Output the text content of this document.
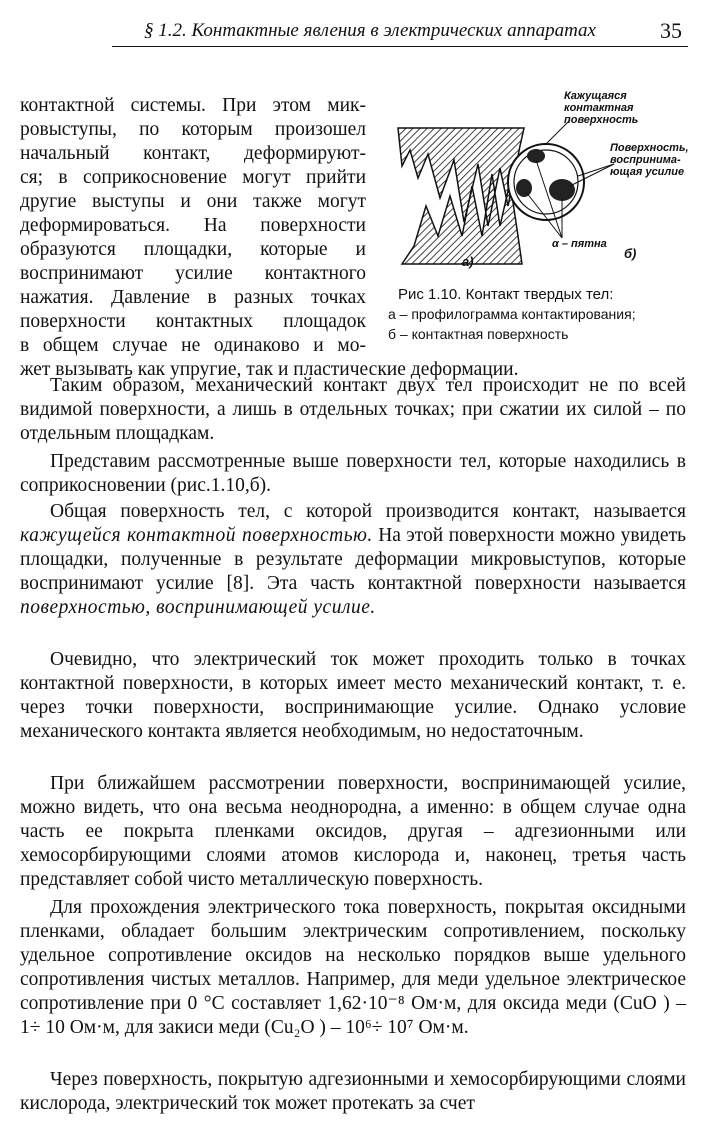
§ 1.2. Контактные явления в электрических аппаратах	35
контактной системы. При этом мик-
ровыступы, по которым произошел
начальный контакт, деформируют-
ся; в соприкосновение могут прийти
другие выступы и они также могут
деформироваться. На поверхности
образуются площадки, которые и
воспринимают усилие контактного
нажатия. Давление в разных точках
поверхности контактных площадок
в общем случае не одинаково и мо-
жет вызывать как упругие, так и пластические деформации.
Кажущаяся контактная поверхность
Поверхность, воспринима- ющая усилие
α – пятна
а)
б)
Рис 1.10. Контакт твердых тел:
а – профилограмма контактирования;
б – контактная поверхность

Таким образом, механический контакт двух тел происходит не по всей видимой поверхности, а лишь в отдельных точках; при сжатии их силой – по отдельным площадкам.

Представим рассмотренные выше поверхности тел, которые находились в соприкосновении (рис.1.10,б).

Общая поверхность тел, с которой производится контакт, называется кажущейся контактной поверхностью. На этой поверхности можно увидеть площадки, полученные в результате деформации микровыступов, которые воспринимают усилие [8]. Эта часть контактной поверхности называется поверхностью, воспринимающей усилие.

Очевидно, что электрический ток может проходить только в точках контактной поверхности, в которых имеет место механический контакт, т. е. через точки поверхности, воспринимающие усилие. Однако условие механического контакта является необходимым, но недостаточным.

При ближайшем рассмотрении поверхности, воспринимающей усилие, можно видеть, что она весьма неоднородна, а именно: в общем случае одна часть ее покрыта пленками оксидов, другая – адгезионными или хемосорбирующими слоями атомов кислорода и, наконец, третья часть представляет собой чисто металлическую поверхность.

Для прохождения электрического тока поверхность, покрытая оксидными пленками, обладает большим электрическим сопротивлением, поскольку удельное сопротивление оксидов на несколько порядков выше удельного сопротивления чистых металлов. Например, для меди удельное электрическое сопротивление при 0 °С составляет 1,62·10⁻⁸ Ом·м, для оксида меди (CuO ) – 1÷ 10 Ом·м, для закиси меди (Cu₂O ) – 10⁶÷ 10⁷ Ом·м.

Через поверхность, покрытую адгезионными и хемосорбирующими слоями кислорода, электрический ток может протекать за счет
